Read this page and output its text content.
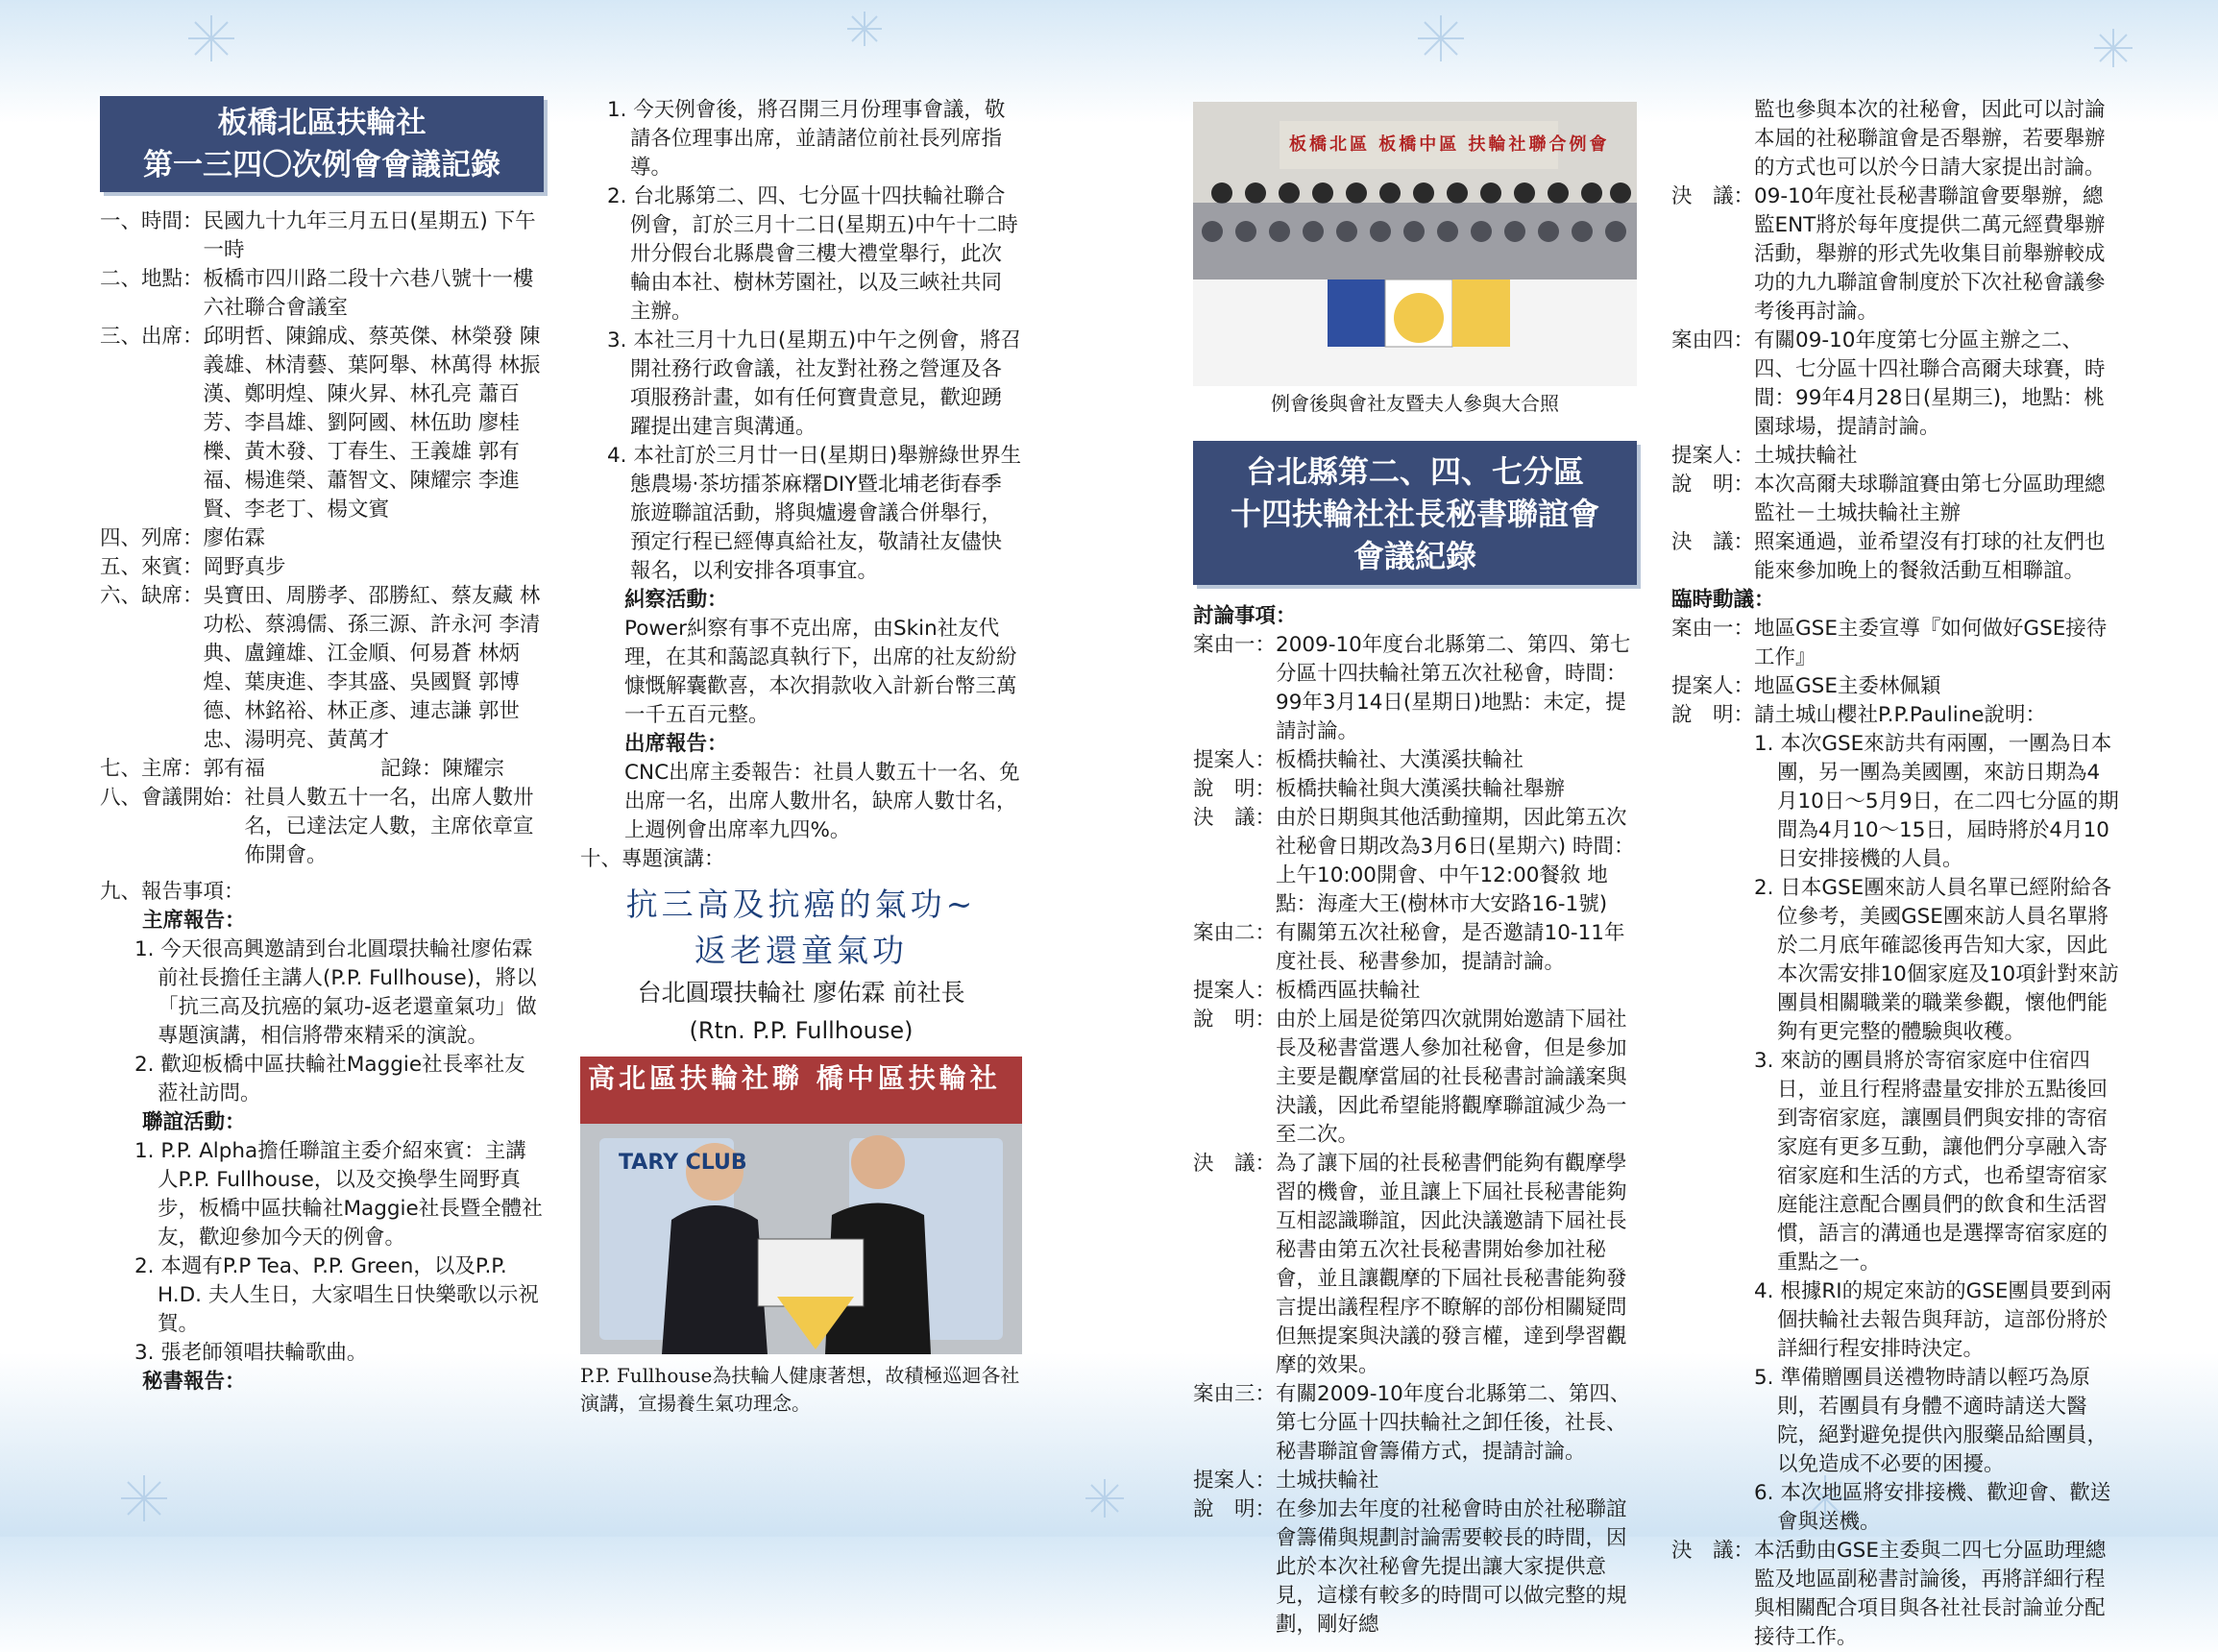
板橋北區扶輪社
第一三四〇次例會會議記錄
一、時間： 民國九十九年三月五日(星期五) 下午一時
二、地點： 板橋市四川路二段十六巷八號十一樓六社聯合會議室
三、出席： 邱明哲、陳錦成、蔡英傑、林榮發 陳義雄、林清藝、葉阿舉、林萬得 林振漢、鄭明煌、陳火昇、林孔亮 蕭百芳、李昌雄、劉阿國、林伍助 廖桂櫟、黃木發、丁春生、王義雄 郭有福、楊進榮、蕭智文、陳耀宗 李進賢、李老丁、楊文賓
四、列席： 廖佑霖
五、來賓： 岡野真步
六、缺席： 吳寶田、周勝孝、邵勝紅、蔡友藏 林功松、蔡鴻儒、孫三源、許永河 李清典、盧鐘雄、江金順、何易蒼 林炳煌、葉庚進、李其盛、吳國賢 郭博德、林銘裕、林正彥、連志謙 郭世忠、湯明亮、黃萬才
七、主席： 郭有福	記錄：陳耀宗
八、會議開始： 社員人數五十一名，出席人數卅名，已達法定人數，主席依章宣佈開會。
九、報告事項：
主席報告：
1. 今天很高興邀請到台北圓環扶輪社廖佑霖前社長擔任主講人(P.P. Fullhouse)，將以「抗三高及抗癌的氣功-返老還童氣功」做專題演講，相信將帶來精采的演說。
2. 歡迎板橋中區扶輪社Maggie社長率社友蒞社訪問。
聯誼活動：
1. P.P. Alpha擔任聯誼主委介紹來賓：主講人P.P. Fullhouse，以及交換學生岡野真步，板橋中區扶輪社Maggie社長暨全體社友，歡迎參加今天的例會。
2. 本週有P.P Tea、P.P. Green，以及P.P. H.D. 夫人生日，大家唱生日快樂歌以示祝賀。
3. 張老師領唱扶輪歌曲。
秘書報告：
1. 今天例會後，將召開三月份理事會議，敬請各位理事出席，並請諸位前社長列席指導。
2. 台北縣第二、四、七分區十四扶輪社聯合例會，訂於三月十二日(星期五)中午十二時卅分假台北縣農會三樓大禮堂舉行，此次輪由本社、樹林芳園社，以及三峽社共同主辦。
3. 本社三月十九日(星期五)中午之例會，將召開社務行政會議，社友對社務之營運及各項服務計畫，如有任何寶貴意見，歡迎踴躍提出建言與溝通。
4. 本社訂於三月廿一日(星期日)舉辦綠世界生態農場‧茶坊擂茶麻糬DIY暨北埔老街春季旅遊聯誼活動，將與爐邊會議合併舉行，預定行程已經傳真給社友，敬請社友儘快報名，以利安排各項事宜。
糾察活動：
Power糾察有事不克出席，由Skin社友代理，在其和藹認真執行下，出席的社友紛紛慷慨解囊歡喜，本次捐款收入計新台幣三萬一千五百元整。
出席報告：
CNC出席主委報告：社員人數五十一名、免出席一名，出席人數卅名，缺席人數廿名，上週例會出席率九四%。
十、專題演講：
抗三高及抗癌的氣功~
返老還童氣功
台北圓環扶輪社 廖佑霖 前社長
(Rtn. P.P. Fullhouse)
高北區扶輪社聯 橋中區扶輪社
TARY CLUB
P.P. Fullhouse為扶輪人健康著想，故積極巡迴各社演講，宣揚養生氣功理念。
板橋北區 板橋中區 扶輪社聯合例會
例會後與會社友暨夫人參與大合照
台北縣第二、四、七分區
十四扶輪社社長秘書聯誼會
會議紀錄
討論事項：
案由一： 2009-10年度台北縣第二、第四、第七分區十四扶輪社第五次社秘會，時間：99年3月14日(星期日)地點：未定，提請討論。
提案人： 板橋扶輪社、大漢溪扶輪社
說　明： 板橋扶輪社與大漢溪扶輪社舉辦
決　議： 由於日期與其他活動撞期，因此第五次社秘會日期改為3月6日(星期六) 時間：上午10:00開會、中午12:00餐敘 地點：海產大王(樹林市大安路16-1號)
案由二： 有關第五次社秘會，是否邀請10-11年度社長、秘書參加，提請討論。
提案人： 板橋西區扶輪社
說　明： 由於上屆是從第四次就開始邀請下屆社長及秘書當選人參加社秘會，但是參加主要是觀摩當屆的社長秘書討論議案與決議，因此希望能將觀摩聯誼減少為一至二次。
決　議： 為了讓下屆的社長秘書們能夠有觀摩學習的機會，並且讓上下屆社長秘書能夠互相認識聯誼，因此決議邀請下屆社長秘書由第五次社長秘書開始參加社秘會，並且讓觀摩的下屆社長秘書能夠發言提出議程程序不瞭解的部份相關疑問但無提案與決議的發言權，達到學習觀摩的效果。
案由三： 有關2009-10年度台北縣第二、第四、第七分區十四扶輪社之卸任後，社長、秘書聯誼會籌備方式，提請討論。
提案人： 土城扶輪社
說　明： 在參加去年度的社秘會時由於社秘聯誼會籌備與規劃討論需要較長的時間，因此於本次社秘會先提出讓大家提供意見，這樣有較多的時間可以做完整的規劃，剛好總
監也參與本次的社秘會，因此可以討論本屆的社秘聯誼會是否舉辦，若要舉辦的方式也可以於今日請大家提出討論。
決　議： 09-10年度社長秘書聯誼會要舉辦，總監ENT將於每年度提供二萬元經費舉辦活動，舉辦的形式先收集目前舉辦較成功的九九聯誼會制度於下次社秘會議參考後再討論。
案由四： 有關09-10年度第七分區主辦之二、四、七分區十四社聯合高爾夫球賽，時間：99年4月28日(星期三)，地點：桃園球場，提請討論。
提案人： 土城扶輪社
說　明： 本次高爾夫球聯誼賽由第七分區助理總監社－土城扶輪社主辦
決　議： 照案通過，並希望沒有打球的社友們也能來參加晚上的餐敘活動互相聯誼。
臨時動議：
案由一： 地區GSE主委宣導『如何做好GSE接待工作』
提案人： 地區GSE主委林佩穎
說　明： 請土城山櫻社P.P.Pauline說明：
1. 本次GSE來訪共有兩團，一團為日本團，另一團為美國團，來訪日期為4月10日～5月9日，在二四七分區的期間為4月10～15日，屆時將於4月10日安排接機的人員。
2. 日本GSE團來訪人員名單已經附給各位參考，美國GSE團來訪人員名單將於二月底年確認後再告知大家，因此本次需安排10個家庭及10項針對來訪團員相關職業的職業參觀，懷他們能夠有更完整的體驗與收穫。
3. 來訪的團員將於寄宿家庭中住宿四日，並且行程將盡量安排於五點後回到寄宿家庭，讓團員們與安排的寄宿家庭有更多互動，讓他們分享融入寄宿家庭和生活的方式，也希望寄宿家庭能注意配合團員們的飲食和生活習慣，語言的溝通也是選擇寄宿家庭的重點之一。
4. 根據RI的規定來訪的GSE團員要到兩個扶輪社去報告與拜訪，這部份將於詳細行程安排時決定。
5. 準備贈團員送禮物時請以輕巧為原則，若團員有身體不適時請送大醫院，絕對避免提供內服藥品給團員，以免造成不必要的困擾。
6. 本次地區將安排接機、歡迎會、歡送會與送機。
決　議： 本活動由GSE主委與二四七分區助理總監及地區副秘書討論後，再將詳細行程與相關配合項目與各社社長討論並分配接待工作。
